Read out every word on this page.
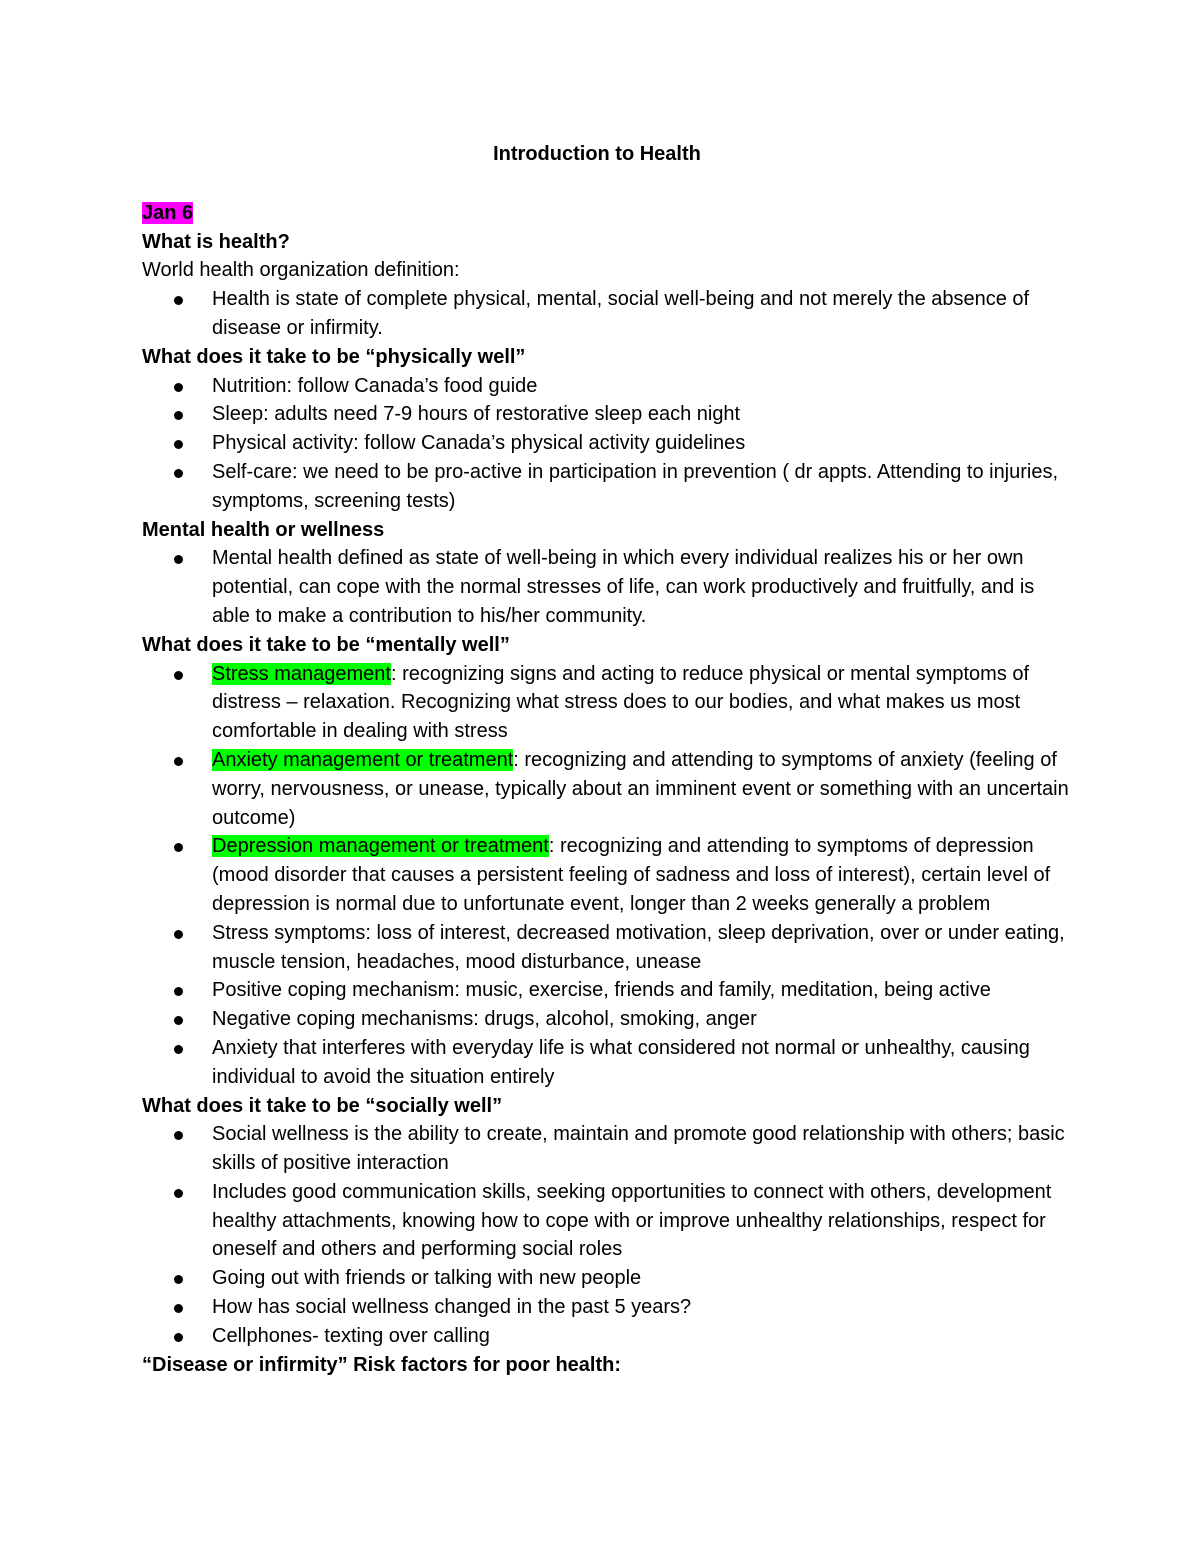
Introduction to Health
Jan 6
What is health?
World health organization definition:
Health is state of complete physical, mental, social well-being and not merely the absence of disease or infirmity.
What does it take to be “physically well”
Nutrition: follow Canada’s food guide
Sleep: adults need 7-9 hours of restorative sleep each night
Physical activity: follow Canada’s physical activity guidelines
Self-care: we need to be pro-active in participation in prevention ( dr appts. Attending to injuries, symptoms, screening tests)
Mental health or wellness
Mental health defined as state of well-being in which every individual realizes his or her own potential, can cope with the normal stresses of life, can work productively and fruitfully, and is able to make a contribution to his/her community.
What does it take to be “mentally well”
Stress management: recognizing signs and acting to reduce physical or mental symptoms of distress – relaxation. Recognizing what stress does to our bodies, and what makes us most comfortable in dealing with stress
Anxiety management or treatment: recognizing and attending to symptoms of anxiety (feeling of worry, nervousness, or unease, typically about an imminent event or something with an uncertain outcome)
Depression management or treatment: recognizing and attending to symptoms of depression (mood disorder that causes a persistent feeling of sadness and loss of interest), certain level of depression is normal due to unfortunate event, longer than 2 weeks generally a problem
Stress symptoms: loss of interest, decreased motivation, sleep deprivation, over or under eating, muscle tension, headaches, mood disturbance, unease
Positive coping mechanism: music, exercise, friends and family, meditation, being active
Negative coping mechanisms: drugs, alcohol, smoking, anger
Anxiety that interferes with everyday life is what considered not normal or unhealthy, causing individual to avoid the situation entirely
What does it take to be “socially well”
Social wellness is the ability to create, maintain and promote good relationship with others; basic skills of positive interaction
Includes good communication skills, seeking opportunities to connect with others, development healthy attachments, knowing how to cope with or improve unhealthy relationships, respect for oneself and others and performing social roles
Going out with friends or talking with new people
How has social wellness changed in the past 5 years?
Cellphones- texting over calling
“Disease or infirmity” Risk factors for poor health:
